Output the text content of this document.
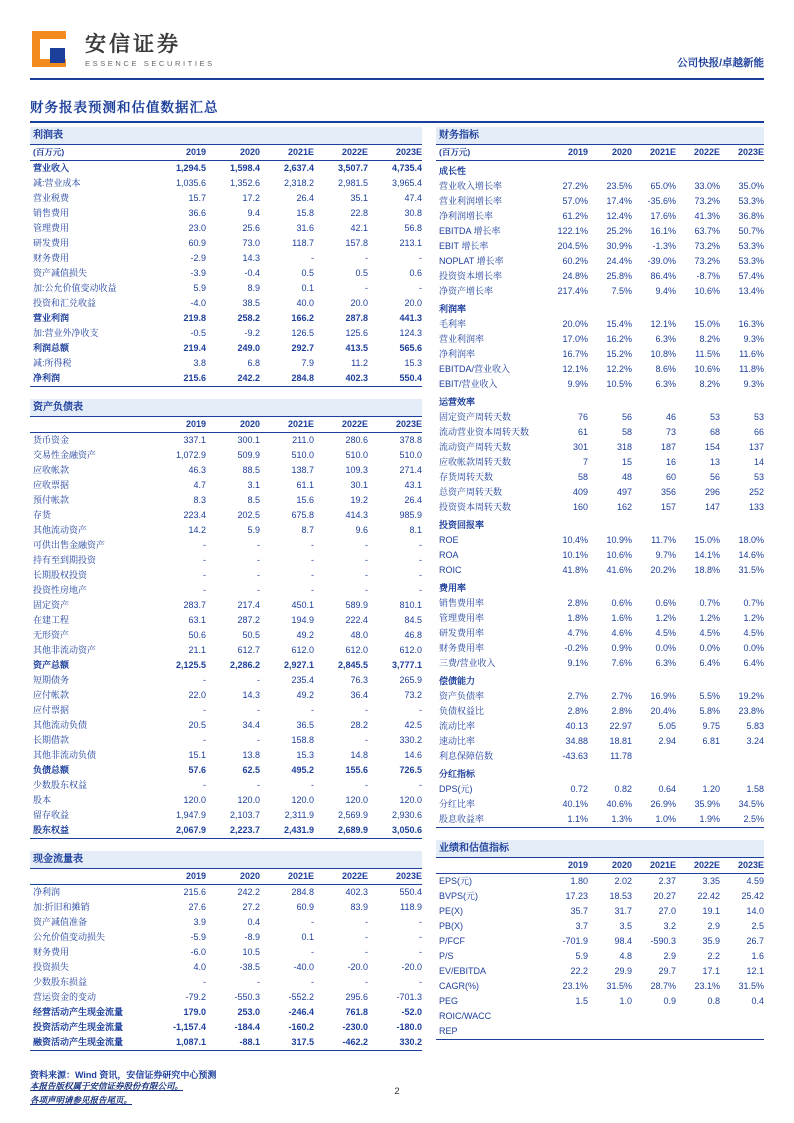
安信证券
ESSENCE SECURITIES	公司快报/卓越新能
财务报表预测和估值数据汇总
利润表
(百万元)	2019	2020	2021E	2022E	2023E
营业收入	1,294.5	1,598.4	2,637.4	3,507.7	4,735.4
减:营业成本	1,035.6	1,352.6	2,318.2	2,981.5	3,965.4
营业税费	15.7	17.2	26.4	35.1	47.4
销售费用	36.6	9.4	15.8	22.8	30.8
管理费用	23.0	25.6	31.6	42.1	56.8
研发费用	60.9	73.0	118.7	157.8	213.1
财务费用	-2.9	14.3	-	-	-
资产减值损失	-3.9	-0.4	0.5	0.5	0.6
加:公允价值变动收益	5.9	8.9	0.1	-	-
投资和汇兑收益	-4.0	38.5	40.0	20.0	20.0
营业利润	219.8	258.2	166.2	287.8	441.3
加:营业外净收支	-0.5	-9.2	126.5	125.6	124.3
利润总额	219.4	249.0	292.7	413.5	565.6
减:所得税	3.8	6.8	7.9	11.2	15.3
净利润	215.6	242.2	284.8	402.3	550.4
资产负债表
2019	2020	2021E	2022E	2023E
货币资金	337.1	300.1	211.0	280.6	378.8
交易性金融资产	1,072.9	509.9	510.0	510.0	510.0
应收帐款	46.3	88.5	138.7	109.3	271.4
应收票据	4.7	3.1	61.1	30.1	43.1
预付帐款	8.3	8.5	15.6	19.2	26.4
存货	223.4	202.5	675.8	414.3	985.9
其他流动资产	14.2	5.9	8.7	9.6	8.1
可供出售金融资产	-	-	-	-	-
持有至到期投资	-	-	-	-	-
长期股权投资	-	-	-	-	-
投资性房地产	-	-	-	-	-
固定资产	283.7	217.4	450.1	589.9	810.1
在建工程	63.1	287.2	194.9	222.4	84.5
无形资产	50.6	50.5	49.2	48.0	46.8
其他非流动资产	21.1	612.7	612.0	612.0	612.0
资产总额	2,125.5	2,286.2	2,927.1	2,845.5	3,777.1
短期债务	-	-	235.4	76.3	265.9
应付帐款	22.0	14.3	49.2	36.4	73.2
应付票据	-	-	-	-	-
其他流动负债	20.5	34.4	36.5	28.2	42.5
长期借款	-	-	158.8	-	330.2
其他非流动负债	15.1	13.8	15.3	14.8	14.6
负债总额	57.6	62.5	495.2	155.6	726.5
少数股东权益	-	-	-	-	-
股本	120.0	120.0	120.0	120.0	120.0
留存收益	1,947.9	2,103.7	2,311.9	2,569.9	2,930.6
股东权益	2,067.9	2,223.7	2,431.9	2,689.9	3,050.6
现金流量表
2019	2020	2021E	2022E	2023E
净利润	215.6	242.2	284.8	402.3	550.4
加:折旧和摊销	27.6	27.2	60.9	83.9	118.9
资产减值准备	3.9	0.4	-	-	-
公允价值变动损失	-5.9	-8.9	0.1	-	-
财务费用	-6.0	10.5	-	-	-
投资损失	4.0	-38.5	-40.0	-20.0	-20.0
少数股东损益	-	-	-	-	-
营运资金的变动	-79.2	-550.3	-552.2	295.6	-701.3
经营活动产生现金流量	179.0	253.0	-246.4	761.8	-52.0
投资活动产生现金流量	-1,157.4	-184.4	-160.2	-230.0	-180.0
融资活动产生现金流量	1,087.1	-88.1	317.5	-462.2	330.2
财务指标
(百万元)	2019	2020	2021E	2022E	2023E
成长性
营业收入增长率	27.2%	23.5%	65.0%	33.0%	35.0%
营业利润增长率	57.0%	17.4%	-35.6%	73.2%	53.3%
净利润增长率	61.2%	12.4%	17.6%	41.3%	36.8%
EBITDA 增长率	122.1%	25.2%	16.1%	63.7%	50.7%
EBIT 增长率	204.5%	30.9%	-1.3%	73.2%	53.3%
NOPLAT 增长率	60.2%	24.4%	-39.0%	73.2%	53.3%
投资资本增长率	24.8%	25.8%	86.4%	-8.7%	57.4%
净资产增长率	217.4%	7.5%	9.4%	10.6%	13.4%
利润率
毛利率	20.0%	15.4%	12.1%	15.0%	16.3%
营业利润率	17.0%	16.2%	6.3%	8.2%	9.3%
净利润率	16.7%	15.2%	10.8%	11.5%	11.6%
EBITDA/营业收入	12.1%	12.2%	8.6%	10.6%	11.8%
EBIT/营业收入	9.9%	10.5%	6.3%	8.2%	9.3%
运营效率
固定资产周转天数	76	56	46	53	53
流动营业资本周转天数	61	58	73	68	66
流动资产周转天数	301	318	187	154	137
应收帐款周转天数	7	15	16	13	14
存货周转天数	58	48	60	56	53
总资产周转天数	409	497	356	296	252
投资资本周转天数	160	162	157	147	133
投资回报率
ROE	10.4%	10.9%	11.7%	15.0%	18.0%
ROA	10.1%	10.6%	9.7%	14.1%	14.6%
ROIC	41.8%	41.6%	20.2%	18.8%	31.5%
费用率
销售费用率	2.8%	0.6%	0.6%	0.7%	0.7%
管理费用率	1.8%	1.6%	1.2%	1.2%	1.2%
研发费用率	4.7%	4.6%	4.5%	4.5%	4.5%
财务费用率	-0.2%	0.9%	0.0%	0.0%	0.0%
三费/营业收入	9.1%	7.6%	6.3%	6.4%	6.4%
偿债能力
资产负债率	2.7%	2.7%	16.9%	5.5%	19.2%
负债权益比	2.8%	2.8%	20.4%	5.8%	23.8%
流动比率	40.13	22.97	5.05	9.75	5.83
速动比率	34.88	18.81	2.94	6.81	3.24
利息保障倍数	-43.63	11.78
分红指标
DPS(元)	0.72	0.82	0.64	1.20	1.58
分红比率	40.1%	40.6%	26.9%	35.9%	34.5%
股息收益率	1.1%	1.3%	1.0%	1.9%	2.5%
业绩和估值指标
2019	2020	2021E	2022E	2023E
EPS(元)	1.80	2.02	2.37	3.35	4.59
BVPS(元)	17.23	18.53	20.27	22.42	25.42
PE(X)	35.7	31.7	27.0	19.1	14.0
PB(X)	3.7	3.5	3.2	2.9	2.5
P/FCF	-701.9	98.4	-590.3	35.9	26.7
P/S	5.9	4.8	2.9	2.2	1.6
EV/EBITDA	22.2	29.9	29.7	17.1	12.1
CAGR(%)	23.1%	31.5%	28.7%	23.1%	31.5%
PEG	1.5	1.0	0.9	0.8	0.4
ROIC/WACC
REP
资料来源：Wind 资讯，安信证券研究中心预测
本报告版权属于安信证券股份有限公司。
各项声明请参见报告尾页。
2
